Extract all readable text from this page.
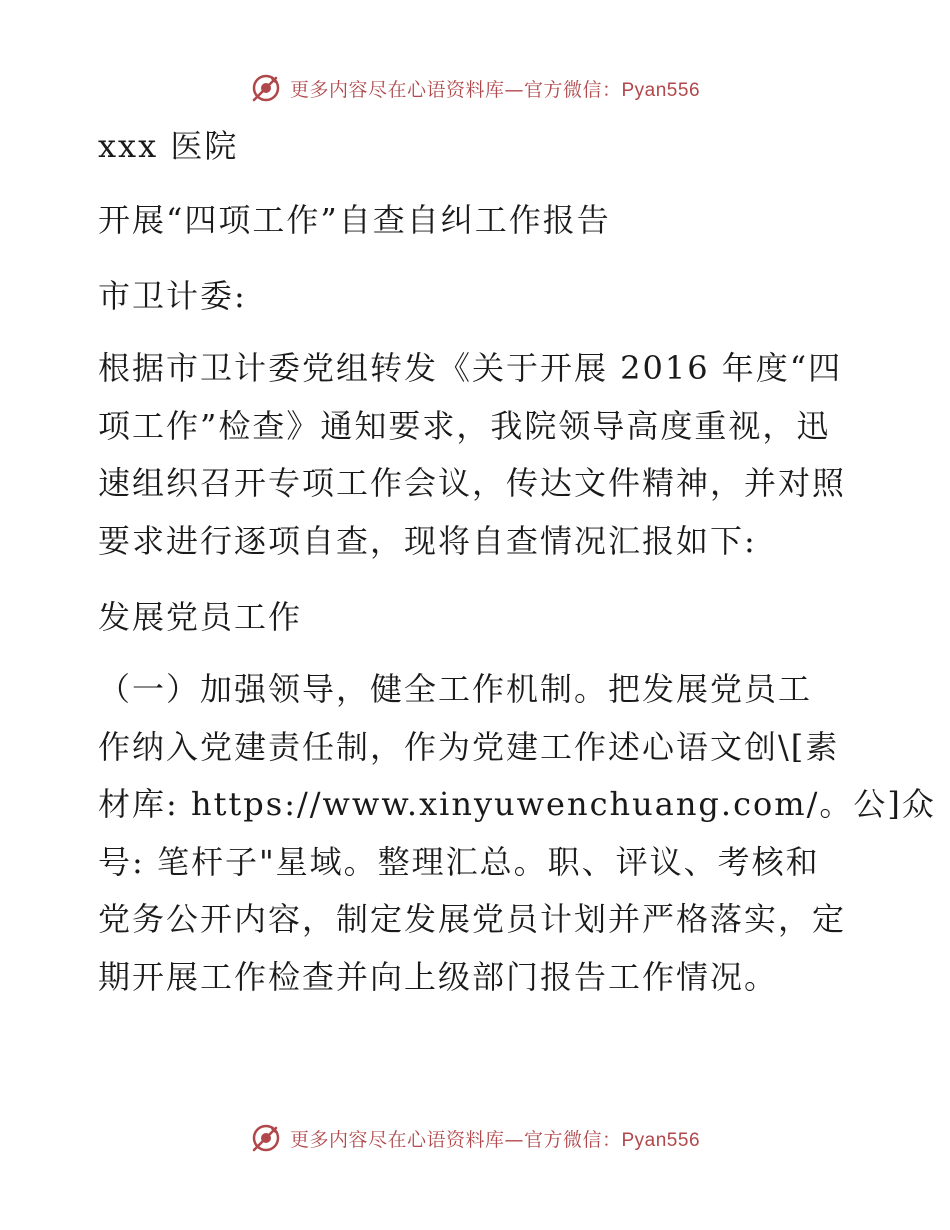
更多内容尽在心语资料库—官方微信：Pyan556
xxx 医院
开展“四项工作”自查自纠工作报告
市卫计委:
根据市卫计委党组转发《关于开展 2016 年度“四
项工作”检查》通知要求，我院领导高度重视，迅
速组织召开专项工作会议，传达文件精神，并对照
要求进行逐项自查，现将自查情况汇报如下:
发展党员工作
（一）加强领导，健全工作机制。把发展党员工
作纳入党建责任制，作为党建工作述心语文创\[素
材库: https://www.xinyuwenchuang.com/。公]众
号: 笔杆子"星域。整理汇总。职、评议、考核和
党务公开内容，制定发展党员计划并严格落实，定
期开展工作检查并向上级部门报告工作情况。
更多内容尽在心语资料库—官方微信：Pyan556
